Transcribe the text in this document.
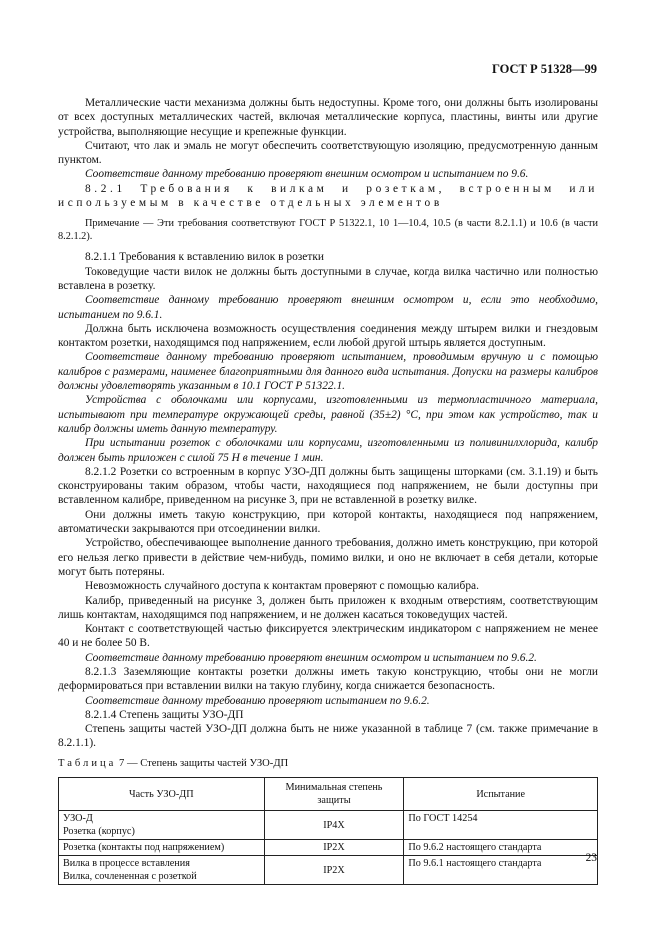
ГОСТ Р 51328—99

Металлические части механизма должны быть недоступны. Кроме того, они должны быть изолированы от всех доступных металлических частей, включая металлические корпуса, пластины, винты или другие устройства, выполняющие несущие и крепежные функции.

Считают, что лак и эмаль не могут обеспечить соответствующую изоляцию, предусмотренную данным пунктом.

Соответствие данному требованию проверяют внешним осмотром и испытанием по 9.6.

8.2.1 Требования к вилкам и розеткам, встроенным или используемым в качестве отдельных элементов

Примечание — Эти требования соответствуют ГОСТ Р 51322.1, 10 1—10.4, 10.5 (в части 8.2.1.1) и 10.6 (в части 8.2.1.2).

8.2.1.1 Требования к вставлению вилок в розетки

Токоведущие части вилок не должны быть доступными в случае, когда вилка частично или полностью вставлена в розетку.

Соответствие данному требованию проверяют внешним осмотром и, если это необходимо, испытанием по 9.6.1.

Должна быть исключена возможность осуществления соединения между штырем вилки и гнездовым контактом розетки, находящимся под напряжением, если любой другой штырь является доступным.

Соответствие данному требованию проверяют испытанием, проводимым вручную и с помощью калибров с размерами, наименее благоприятными для данного вида испытания. Допуски на размеры калибров должны удовлетворять указанным в 10.1 ГОСТ Р 51322.1.

Устройства с оболочками или корпусами, изготовленными из термопластичного материала, испытывают при температуре окружающей среды, равной (35±2) °С, при этом как устройство, так и калибр должны иметь данную температуру.

При испытании розеток с оболочками или корпусами, изготовленными из поливинилхлорида, калибр должен быть приложен с силой 75 Н в течение 1 мин.

8.2.1.2 Розетки со встроенным в корпус УЗО-ДП должны быть защищены шторками (см. 3.1.19) и быть сконструированы таким образом, чтобы части, находящиеся под напряжением, не были доступны при вставленном калибре, приведенном на рисунке 3, при не вставленной в розетку вилке.

Они должны иметь такую конструкцию, при которой контакты, находящиеся под напряжением, автоматически закрываются при отсоединении вилки.

Устройство, обеспечивающее выполнение данного требования, должно иметь конструкцию, при которой его нельзя легко привести в действие чем-нибудь, помимо вилки, и оно не включает в себя детали, которые могут быть потеряны.

Невозможность случайного доступа к контактам проверяют с помощью калибра.

Калибр, приведенный на рисунке 3, должен быть приложен к входным отверстиям, соответствующим лишь контактам, находящимся под напряжением, и не должен касаться токоведущих частей.

Контакт с соответствующей частью фиксируется электрическим индикатором с напряжением не менее 40 и не более 50 В.

Соответствие данному требованию проверяют внешним осмотром и испытанием по 9.6.2.

8.2.1.3 Заземляющие контакты розетки должны иметь такую конструкцию, чтобы они не могли деформироваться при вставлении вилки на такую глубину, когда снижается безопасность.

Соответствие данному требованию проверяют испытанием по 9.6.2.

8.2.1.4 Степень защиты УЗО-ДП

Степень защиты частей УЗО-ДП должна быть не ниже указанной в таблице 7 (см. также примечание в 8.2.1.1).

Таблица 7 — Степень защиты частей УЗО-ДП
Часть УЗО-ДП	Минимальная степень защиты	Испытание

УЗО-Д
Розетка (корпус)	IP4X	По ГОСТ 14254
Розетка (контакты под напряжением)	IP2X	По 9.6.2 настоящего стандарта

Вилка в процессе вставления
Вилка, сочлененная с розеткой	IP2X	По 9.6.1 настоящего стандарта	23
